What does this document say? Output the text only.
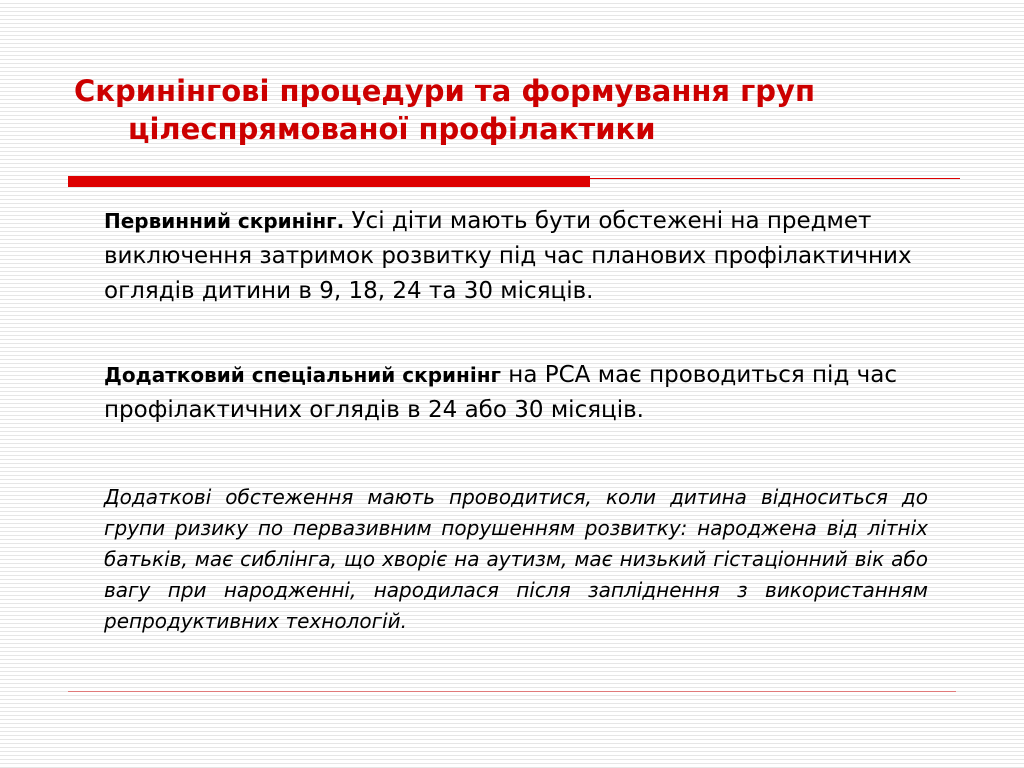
Скринінгові процедури та формування груп
цілеспрямованої профілактики

Первинний скринінг. Усі діти мають бути обстежені на предмет виключення затримок розвитку під час планових профілактичних оглядів дитини в 9, 18, 24 та 30 місяців.

Додатковий спеціальний скринінг на РСА має проводиться під час профілактичних оглядів в 24 або 30 місяців.

Додаткові обстеження мають проводитися, коли дитина відноситься до групи ризику по первазивним порушенням розвитку: народжена від літніх батьків, має сиблінга, що хворіє на аутизм, має низький гістаціонний вік або вагу при народженні, народилася після запліднення з використанням репродуктивних технологій.
